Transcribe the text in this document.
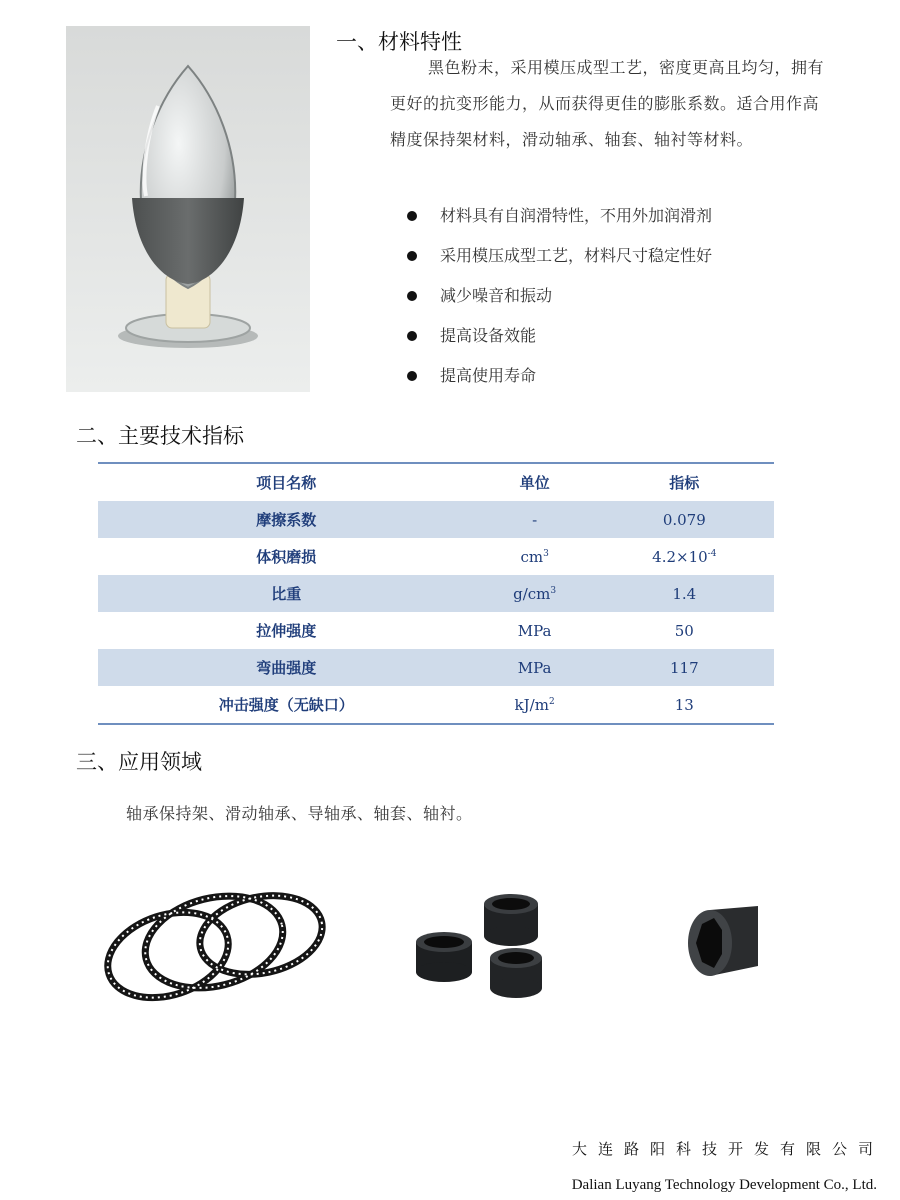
一、材料特性
黑色粉末，采用模压成型工艺，密度更高且均匀，拥有更好的抗变形能力，从而获得更佳的膨胀系数。适合用作高精度保持架材料，滑动轴承、轴套、轴衬等材料。
材料具有自润滑特性，不用外加润滑剂
采用模压成型工艺，材料尺寸稳定性好
减少噪音和振动
提高设备效能
提高使用寿命
二、主要技术指标
项目名称	单位	指标
摩擦系数	-	0.079
体积磨损	$cm^3$	$4.2\times 10^{-4}$
比重	$g/cm^3$	1.4
拉伸强度	MPa	50
弯曲强度	MPa	117
冲击强度（无缺口）	$kJ/m^2$	13
三、应用领域
轴承保持架、滑动轴承、导轴承、轴套、轴衬。
大连路阳科技开发有限公司
Dalian Luyang Technology Development Co., Ltd.
